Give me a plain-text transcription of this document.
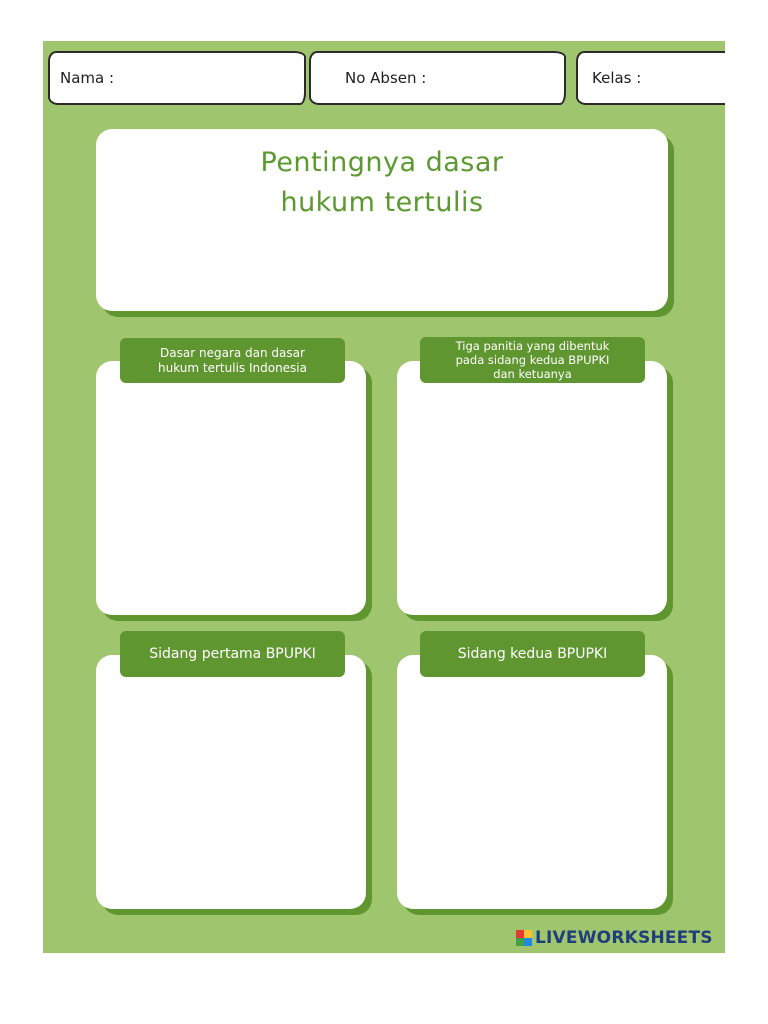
Nama :	No Absen :	Kelas :
Pentingnya dasar
hukum tertulis
Dasar negara dan dasar
hukum tertulis Indonesia
Tiga panitia yang dibentuk
pada sidang kedua BPUPKI
dan ketuanya
Sidang pertama BPUPKI	Sidang kedua BPUPKI
LIVEWORKSHEETS
